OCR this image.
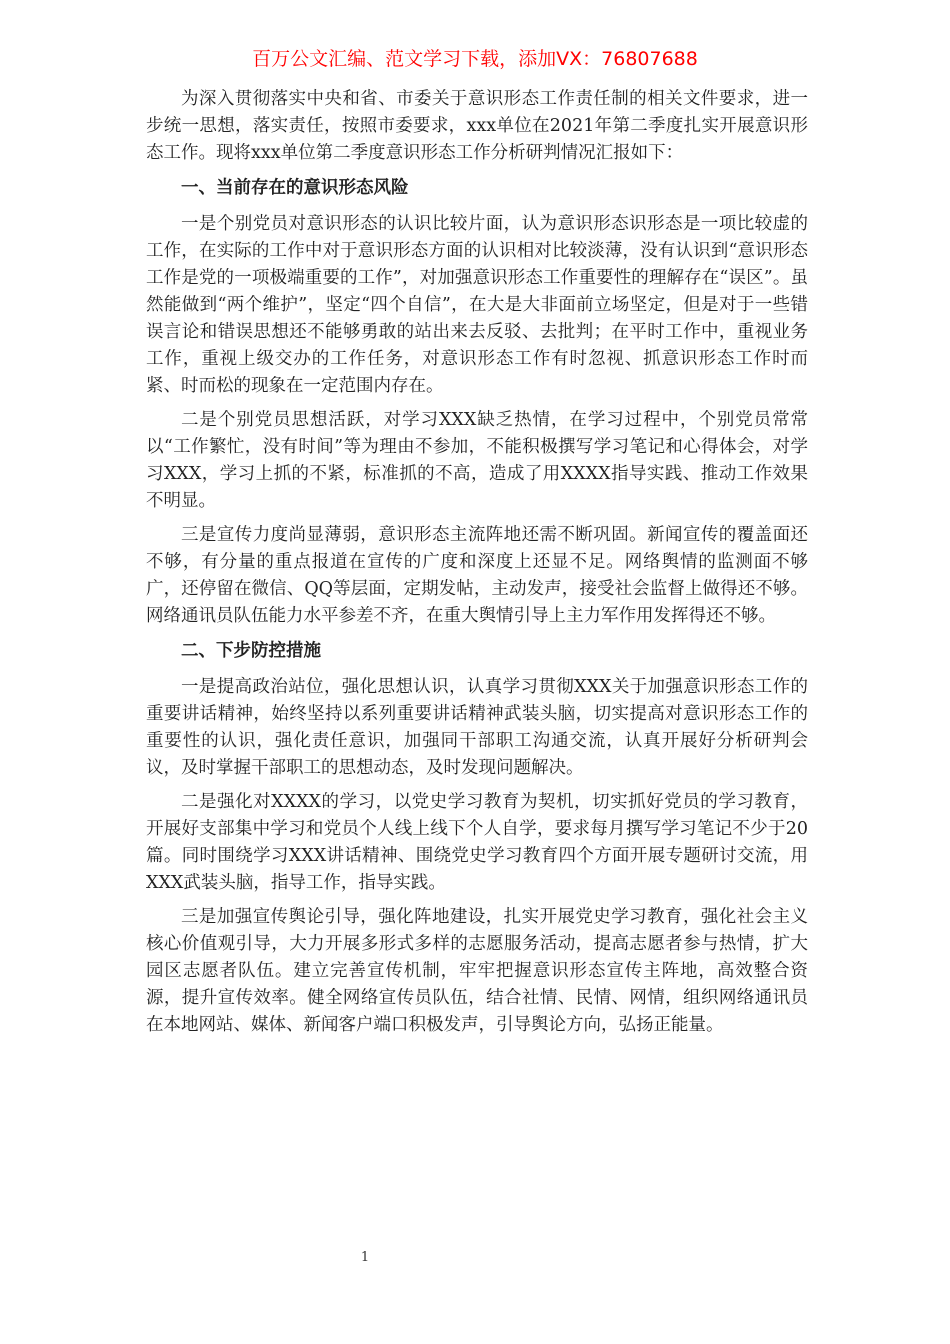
百万公文汇编、范文学习下载，添加VX：76807688

为深入贯彻落实中央和省、市委关于意识形态工作责任制的相关文件要求，进一步统一思想，落实责任，按照市委要求，xxx单位在2021年第二季度扎实开展意识形态工作。现将xxx单位第二季度意识形态工作分析研判情况汇报如下：

一、当前存在的意识形态风险

一是个别党员对意识形态的认识比较片面，认为意识形态识形态是一项比较虚的工作，在实际的工作中对于意识形态方面的认识相对比较淡薄，没有认识到“意识形态工作是党的一项极端重要的工作”，对加强意识形态工作重要性的理解存在“误区”。虽然能做到“两个维护”，坚定“四个自信”，在大是大非面前立场坚定，但是对于一些错误言论和错误思想还不能够勇敢的站出来去反驳、去批判；在平时工作中，重视业务工作，重视上级交办的工作任务，对意识形态工作有时忽视、抓意识形态工作时而紧、时而松的现象在一定范围内存在。

二是个别党员思想活跃，对学习XXX缺乏热情，在学习过程中，个别党员常常以“工作繁忙，没有时间”等为理由不参加，不能积极撰写学习笔记和心得体会，对学习XXX，学习上抓的不紧，标准抓的不高，造成了用XXXX指导实践、推动工作效果不明显。

三是宣传力度尚显薄弱，意识形态主流阵地还需不断巩固。新闻宣传的覆盖面还不够，有分量的重点报道在宣传的广度和深度上还显不足。网络舆情的监测面不够广，还停留在微信、QQ等层面，定期发帖，主动发声，接受社会监督上做得还不够。网络通讯员队伍能力水平参差不齐，在重大舆情引导上主力军作用发挥得还不够。

二、下步防控措施

一是提高政治站位，强化思想认识，认真学习贯彻XXX关于加强意识形态工作的重要讲话精神，始终坚持以系列重要讲话精神武装头脑，切实提高对意识形态工作的重要性的认识，强化责任意识，加强同干部职工沟通交流，认真开展好分析研判会议，及时掌握干部职工的思想动态，及时发现问题解决。

二是强化对XXXX的学习，以党史学习教育为契机，切实抓好党员的学习教育，开展好支部集中学习和党员个人线上线下个人自学，要求每月撰写学习笔记不少于20篇。同时围绕学习XXX讲话精神、围绕党史学习教育四个方面开展专题研讨交流，用XXX武装头脑，指导工作，指导实践。

三是加强宣传舆论引导，强化阵地建设，扎实开展党史学习教育，强化社会主义核心价值观引导，大力开展多形式多样的志愿服务活动，提高志愿者参与热情，扩大园区志愿者队伍。建立完善宣传机制，牢牢把握意识形态宣传主阵地，高效整合资源，提升宣传效率。健全网络宣传员队伍，结合社情、民情、网情，组织网络通讯员在本地网站、媒体、新闻客户端口积极发声，引导舆论方向，弘扬正能量。

1
